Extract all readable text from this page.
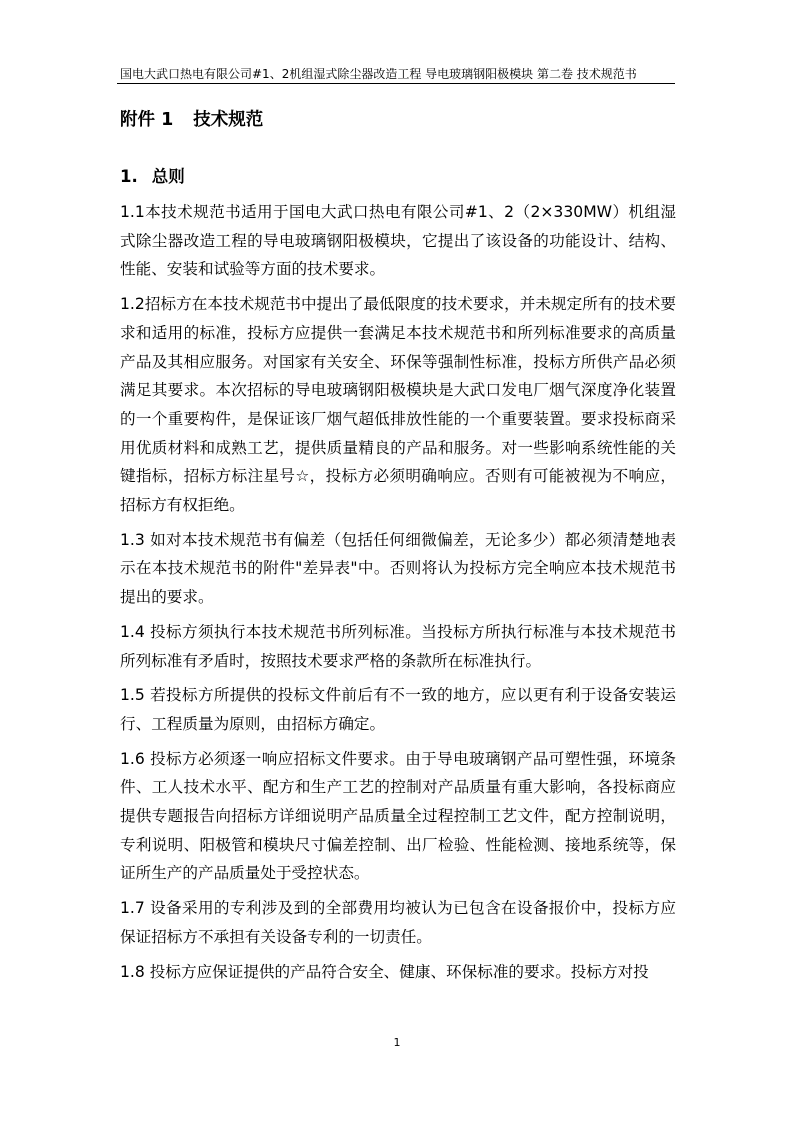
国电大武口热电有限公司#1、2机组湿式除尘器改造工程 导电玻璃钢阳极模块 第二卷 技术规范书
附件 1 技术规范
1. 总则

1.1本技术规范书适用于国电大武口热电有限公司#1、2（2×330MW）机组湿式除尘器改造工程的导电玻璃钢阳极模块，它提出了该设备的功能设计、结构、性能、安装和试验等方面的技术要求。

1.2招标方在本技术规范书中提出了最低限度的技术要求，并未规定所有的技术要求和适用的标准，投标方应提供一套满足本技术规范书和所列标准要求的高质量产品及其相应服务。对国家有关安全、环保等强制性标准，投标方所供产品必须满足其要求。本次招标的导电玻璃钢阳极模块是大武口发电厂烟气深度净化装置的一个重要构件，是保证该厂烟气超低排放性能的一个重要装置。要求投标商采用优质材料和成熟工艺，提供质量精良的产品和服务。对一些影响系统性能的关键指标，招标方标注星号☆，投标方必须明确响应。否则有可能被视为不响应，招标方有权拒绝。

1.3 如对本技术规范书有偏差（包括任何细微偏差，无论多少）都必须清楚地表示在本技术规范书的附件"差异表"中。否则将认为投标方完全响应本技术规范书提出的要求。

1.4 投标方须执行本技术规范书所列标准。当投标方所执行标准与本技术规范书所列标准有矛盾时，按照技术要求严格的条款所在标准执行。

1.5 若投标方所提供的投标文件前后有不一致的地方，应以更有利于设备安装运行、工程质量为原则，由招标方确定。

1.6 投标方必须逐一响应招标文件要求。由于导电玻璃钢产品可塑性强，环境条件、工人技术水平、配方和生产工艺的控制对产品质量有重大影响，各投标商应提供专题报告向招标方详细说明产品质量全过程控制工艺文件，配方控制说明，专利说明、阳极管和模块尺寸偏差控制、出厂检验、性能检测、接地系统等，保证所生产的产品质量处于受控状态。

1.7 设备采用的专利涉及到的全部费用均被认为已包含在设备报价中，投标方应保证招标方不承担有关设备专利的一切责任。

1.8 投标方应保证提供的产品符合安全、健康、环保标准的要求。投标方对投

1
